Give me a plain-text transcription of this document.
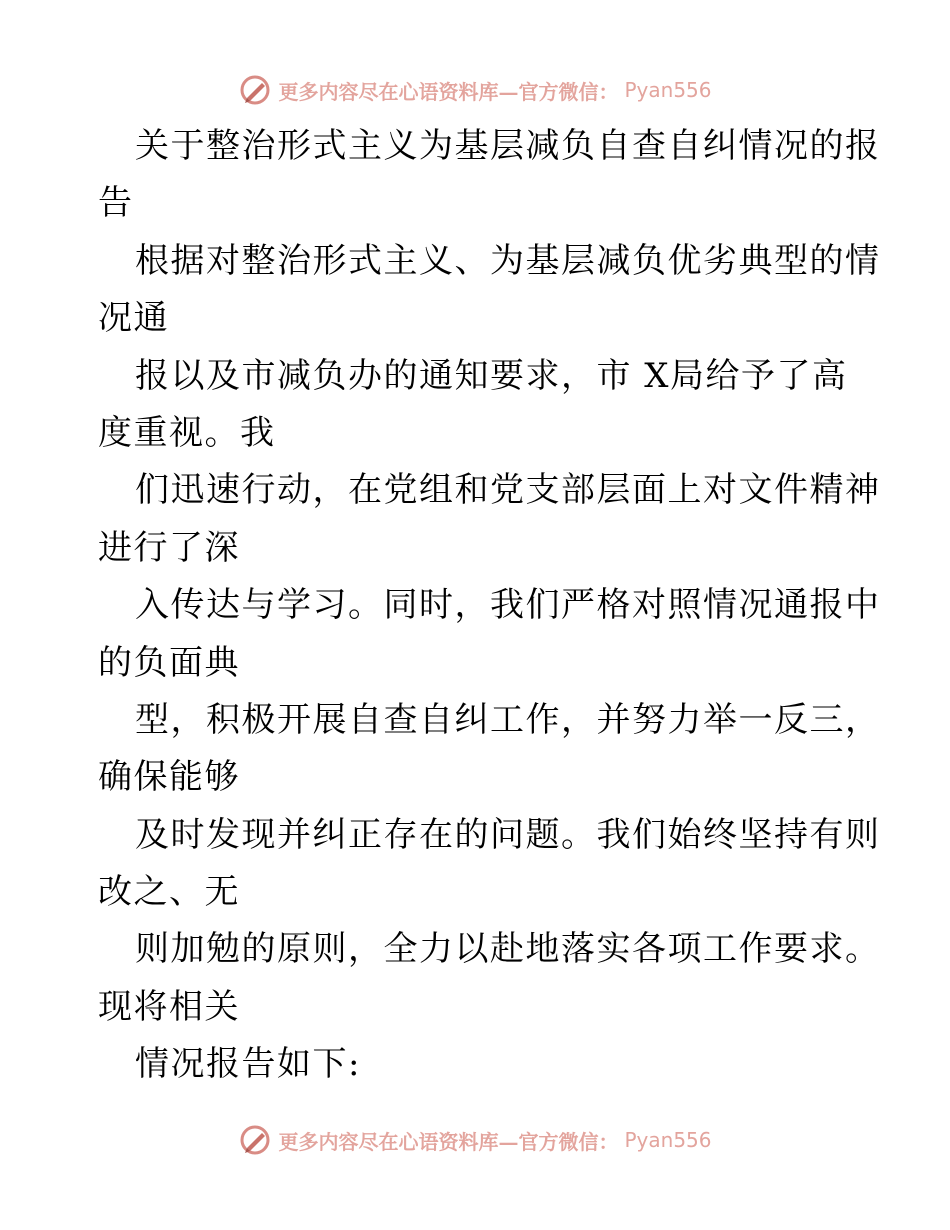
更多内容尽在心语资料库—官方微信： Pyan556
关于整治形式主义为基层减负自查自纠情况的报
告
根据对整治形式主义、为基层减负优劣典型的情
况通
报以及市减负办的通知要求，市 X局给予了高
度重视。我
们迅速行动，在党组和党支部层面上对文件精神
进行了深
入传达与学习。同时，我们严格对照情况通报中
的负面典
型，积极开展自查自纠工作，并努力举一反三，
确保能够
及时发现并纠正存在的问题。我们始终坚持有则
改之、无
则加勉的原则，全力以赴地落实各项工作要求。
现将相关
情况报告如下:
更多内容尽在心语资料库—官方微信： Pyan556
